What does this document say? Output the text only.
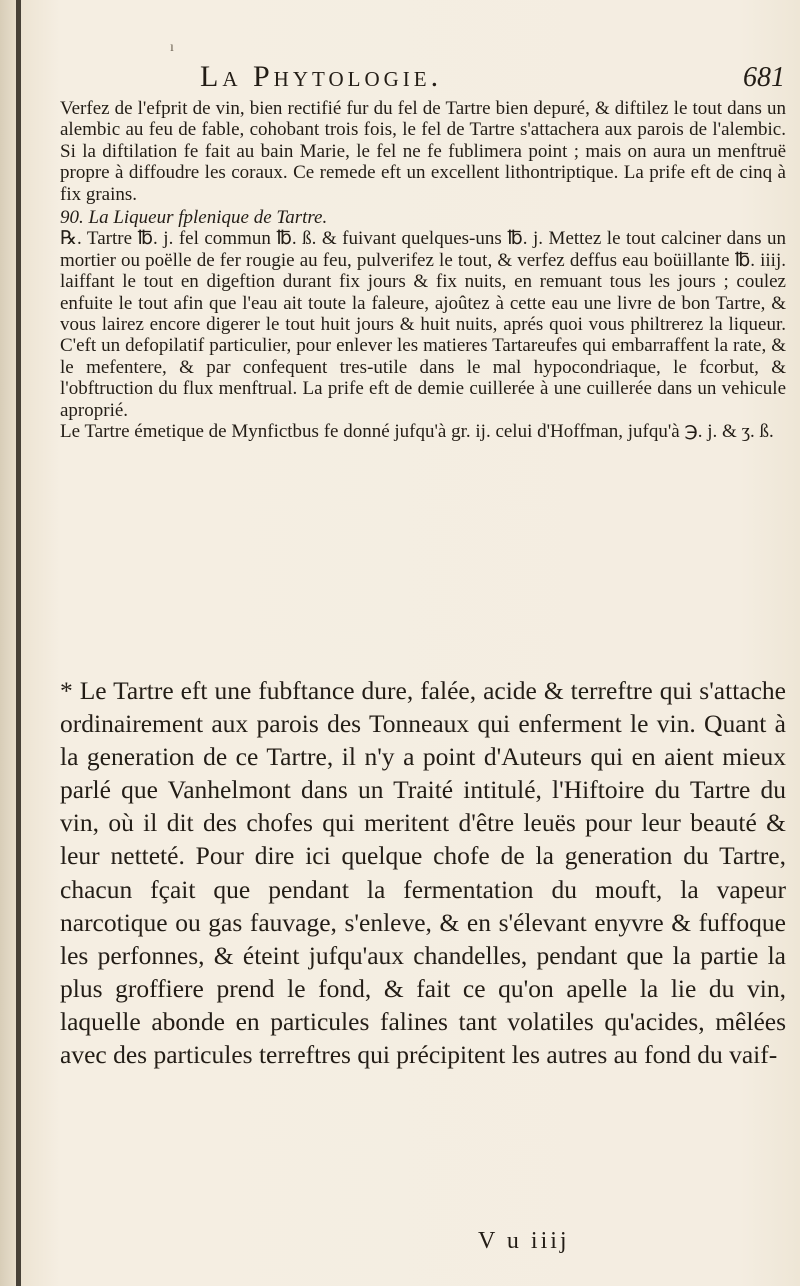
ı
La Phytologie.	681

Verfez de l'efprit de vin, bien rectifié fur du fel de Tartre bien depuré, & diftilez le tout dans un alembic au feu de fable, cohobant trois fois, le fel de Tartre s'attachera aux parois de l'alembic. Si la diftilation fe fait au bain Marie, le fel ne fe fublimera point ; mais on aura un menftruë propre à diffoudre les coraux. Ce remede eft un excellent lithontriptique. La prife eft de cinq à fix grains.

90. La Liqueur fplenique de Tartre.

℞. Tartre ℔. j. fel commun ℔. ß. & fuivant quelques-uns ℔. j. Mettez le tout calciner dans un mortier ou poëlle de fer rougie au feu, pulverifez le tout, & verfez deffus eau boüillante ℔. iiij. laiffant le tout en digeftion durant fix jours & fix nuits, en remuant tous les jours ; coulez enfuite le tout afin que l'eau ait toute la faleure, ajoûtez à cette eau une livre de bon Tartre, & vous lairez encore digerer le tout huit jours & huit nuits, aprés quoi vous philtrerez la liqueur. C'eft un defopilatif particulier, pour enlever les matieres Tartareufes qui embarraffent la rate, & le mefentere, & par confequent tres-utile dans le mal hypocondriaque, le fcorbut, & l'obftruction du flux menftrual. La prife eft de demie cuillerée à une cuillerée dans un vehicule aproprié.

Le Tartre émetique de Mynfictbus fe donné jufqu'à gr. ij. celui d'Hoffman, jufqu'à ℈. j. & ʒ. ß.

* Le Tartre eft une fubftance dure, falée, acide & terreftre qui s'attache ordinairement aux parois des Tonneaux qui enferment le vin. Quant à la generation de ce Tartre, il n'y a point d'Auteurs qui en aient mieux parlé que Vanhelmont dans un Traité intitulé, l'Hiftoire du Tartre du vin, où il dit des chofes qui meritent d'être leuës pour leur beauté & leur netteté. Pour dire ici quelque chofe de la generation du Tartre, chacun fçait que pendant la fermentation du mouft, la vapeur narcotique ou gas fauvage, s'enleve, & en s'élevant enyvre & fuffoque les perfonnes, & éteint jufqu'aux chandelles, pendant que la partie la plus groffiere prend le fond, & fait ce qu'on apelle la lie du vin, laquelle abonde en particules falines tant volatiles qu'acides, mêlées avec des particules terreftres qui précipitent les autres au fond du vaif-

V u iiij
